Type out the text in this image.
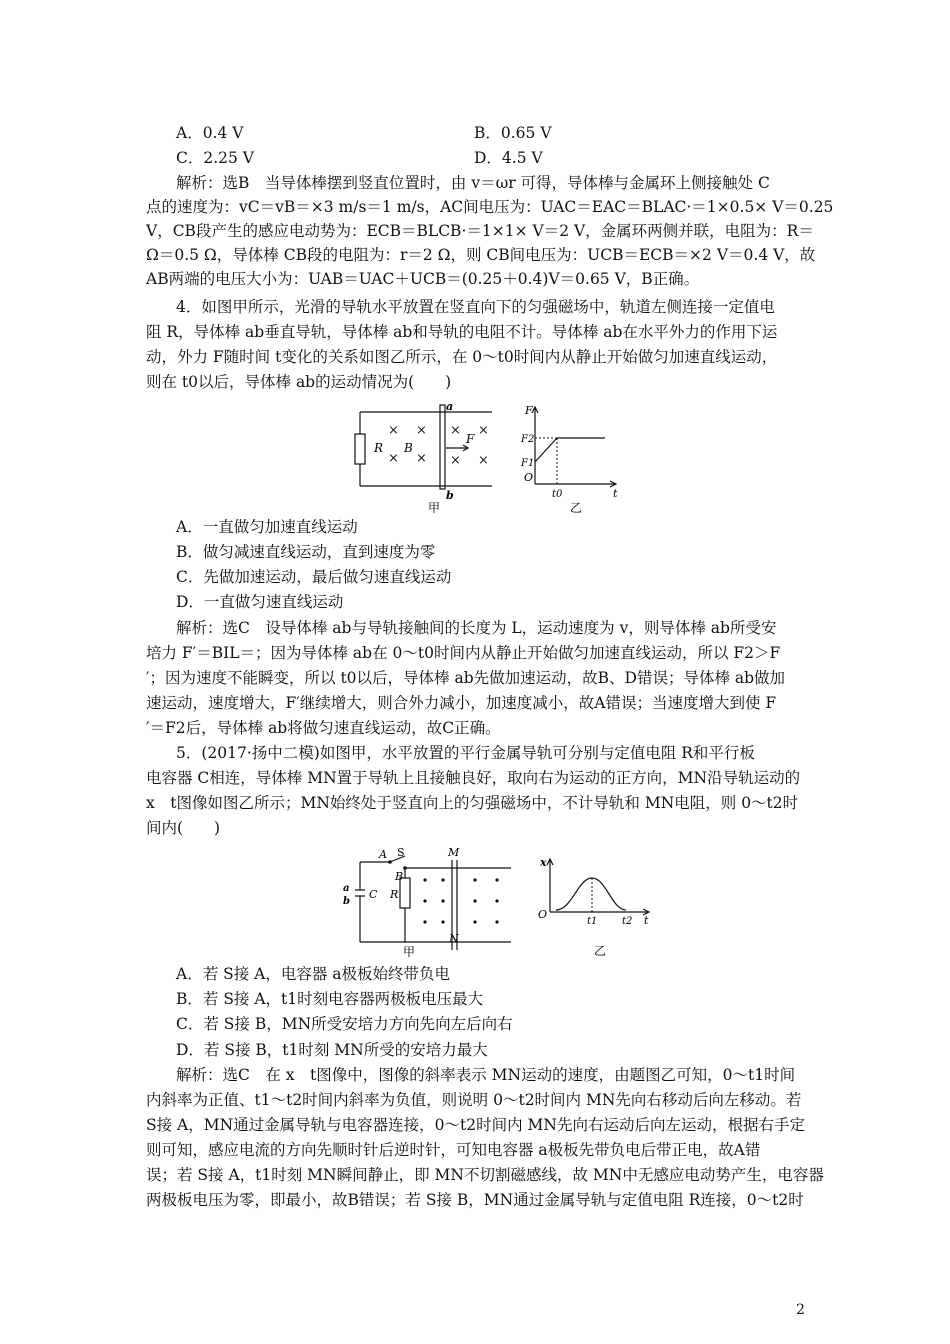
A．0.4 V	B．0.65 V
C．2.25 V	D．4.5 V
解析：选B　当导体棒摆到竖直位置时，由 v＝ωr 可得，导体棒与金属环上侧接触处 C
点的速度为：vC＝vB＝×3 m/s＝1 m/s，AC间电压为：UAC＝EAC＝BLAC·＝1×0.5× V＝0.25
V，CB段产生的感应电动势为：ECB＝BLCB·＝1×1× V＝2 V，金属环两侧并联，电阻为：R＝
Ω＝0.5 Ω，导体棒 CB段的电阻为：r＝2 Ω，则 CB间电压为：UCB＝ECB＝×2 V＝0.4 V，故
AB两端的电压大小为：UAB＝UAC＋UCB＝(0.25＋0.4)V＝0.65 V，B正确。
4．如图甲所示，光滑的导轨水平放置在竖直向下的匀强磁场中，轨道左侧连接一定值电
阻 R，导体棒 ab垂直导轨，导体棒 ab和导轨的电阻不计。导体棒 ab在水平外力的作用下运
动，外力 F随时间 t变化的关系如图乙所示，在 0～t0时间内从静止开始做匀加速直线运动，
则在 t0以后，导体棒 ab的运动情况为(　　)
× ×
× ×
× ×
× ×
R B
a
b
F
甲
F
F2
F1
O
t0	t
乙
A．一直做匀加速直线运动
B．做匀减速直线运动，直到速度为零
C．先做加速运动，最后做匀速直线运动
D．一直做匀速直线运动
解析：选C　设导体棒 ab与导轨接触间的长度为 L，运动速度为 v，则导体棒 ab所受安
培力 F′＝BIL＝；因为导体棒 ab在 0～t0时间内从静止开始做匀加速直线运动，所以 F2＞F
′；因为速度不能瞬变，所以 t0以后，导体棒 ab先做加速运动，故B、D错误；导体棒 ab做加
速运动，速度增大，F′继续增大，则合外力减小，加速度减小，故A错误；当速度增大到使 F
′＝F2后，导体棒 ab将做匀速直线运动，故C正确。
5．(2017·扬中二模)如图甲，水平放置的平行金属导轨可分别与定值电阻 R和平行板
电容器 C相连，导体棒 MN置于导轨上且接触良好，取向右为运动的正方向，MN沿导轨运动的
x　t图像如图乙所示；MN始终处于竖直向上的匀强磁场中，不计导轨和 MN电阻，则 0～t2时
间内(　　)
A S
B
R
C
a
b
M
N
甲
x
O
t1 t2 t
乙
A．若 S接 A，电容器 a极板始终带负电
B．若 S接 A，t1时刻电容器两极板电压最大
C．若 S接 B，MN所受安培力方向先向左后向右
D．若 S接 B，t1时刻 MN所受的安培力最大
解析：选C　在 x　t图像中，图像的斜率表示 MN运动的速度，由题图乙可知，0～t1时间
内斜率为正值、t1～t2时间内斜率为负值，则说明 0～t2时间内 MN先向右移动后向左移动。若
S接 A，MN通过金属导轨与电容器连接，0～t2时间内 MN先向右运动后向左运动，根据右手定
则可知，感应电流的方向先顺时针后逆时针，可知电容器 a极板先带负电后带正电，故A错
误；若 S接 A，t1时刻 MN瞬间静止，即 MN不切割磁感线，故 MN中无感应电动势产生，电容器
两极板电压为零，即最小，故B错误；若 S接 B，MN通过金属导轨与定值电阻 R连接，0～t2时
2
